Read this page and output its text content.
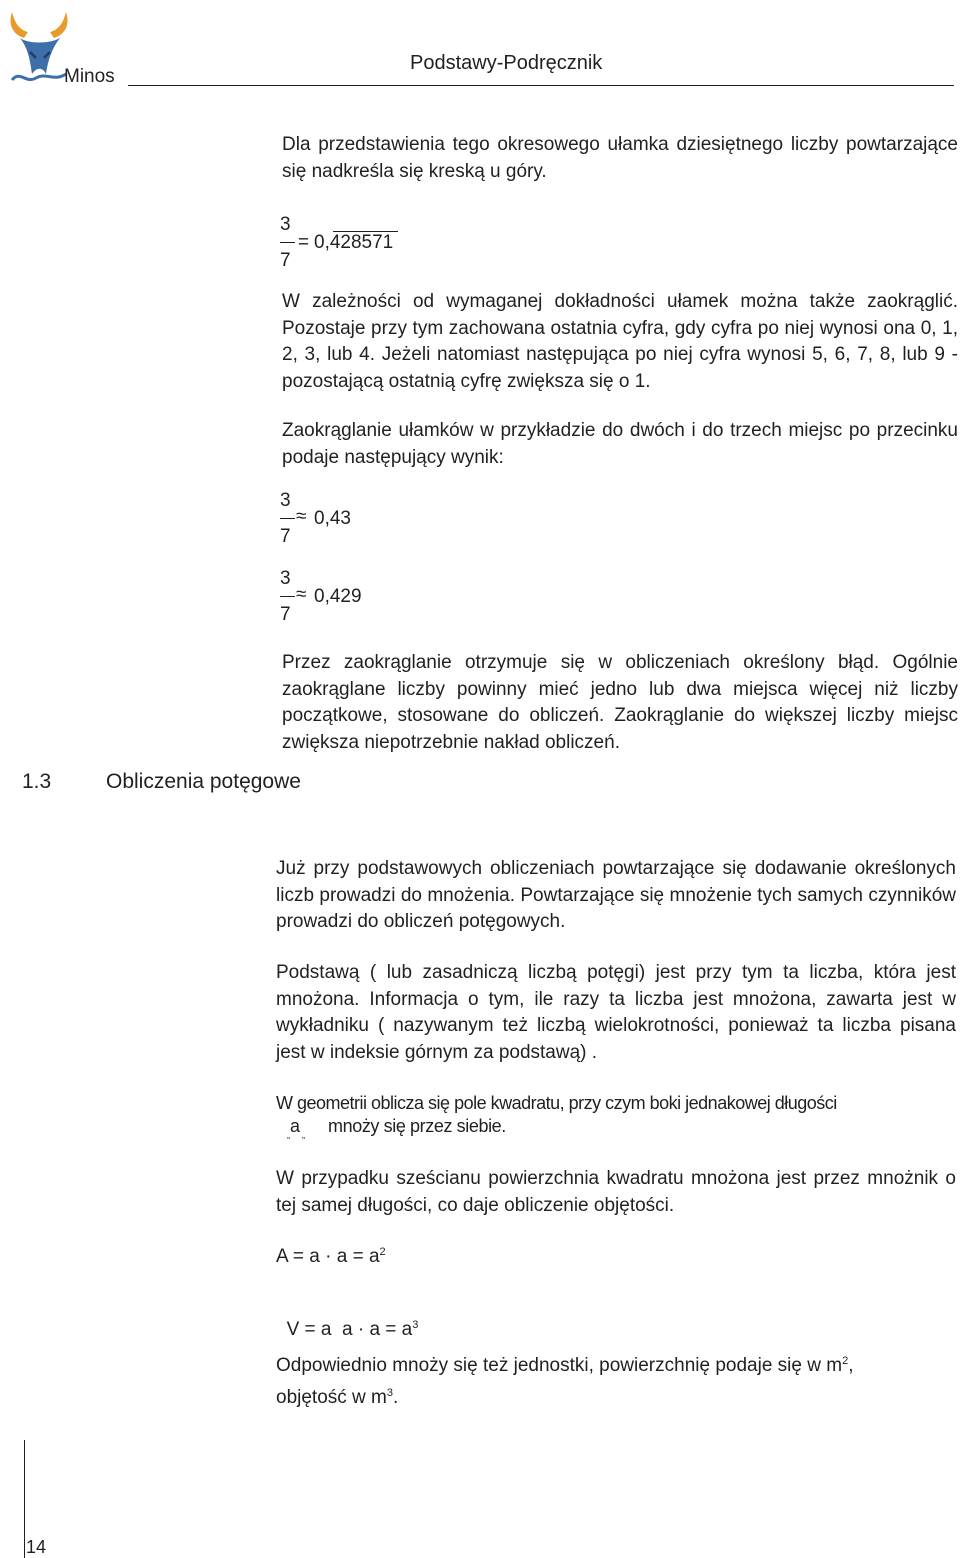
Minos
Podstawy-Podręcznik

Dla przedstawienia tego okresowego ułamka dziesiętnego liczby powtarzające się nadkreśla się kreską u góry.

3
7
= 0,428571

W zależności od wymaganej dokładności ułamek można także zaokrąglić. Pozostaje przy tym zachowana ostatnia cyfra, gdy cyfra po niej wynosi ona 0, 1, 2, 3, lub 4. Jeżeli natomiast następująca po niej cyfra wynosi 5, 6, 7, 8, lub 9 - pozostającą ostatnią cyfrę zwiększa się o 1.

Zaokrąglanie ułamków w przykładzie do dwóch i do trzech miejsc po przecinku podaje następujący wynik:

3
7
≈ 0,43
3
7
≈ 0,429

Przez zaokrąglanie otrzymuje się w obliczeniach określony błąd. Ogólnie zaokrąglane liczby powinny mieć jedno lub dwa miejsca więcej niż liczby początkowe, stosowane do obliczeń. Zaokrąglanie do większej liczby miejsc zwiększa niepotrzebnie nakład obliczeń.

1.3	Obliczenia potęgowe

Już przy podstawowych obliczeniach powtarzające się dodawanie określonych liczb prowadzi do mnożenia. Powtarzające się mnożenie tych samych czynników prowadzi do obliczeń potęgowych.

Podstawą ( lub zasadniczą liczbą potęgi) jest przy tym ta liczba, która jest mnożona. Informacja o tym, ile razy ta liczba jest mnożona, zawarta jest w wykładniku ( nazywanym też liczbą wielokrotności, ponieważ ta liczba pisana jest w indeksie górnym za podstawą) .

W geometrii oblicza się pole kwadratu, przy czym boki jednakowej długości

„ a „ mnoży się przez siebie.

W przypadku sześcianu powierzchnia kwadratu mnożona jest przez mnożnik o tej samej długości, co daje obliczenie objętości.

$A = a \cdot a = a^2$

V = a  $a \cdot a = a^3$

Odpowiednio mnoży się też jednostki, powierzchnię podaje się w $m^2$,
objętość w $m^3$.
14
